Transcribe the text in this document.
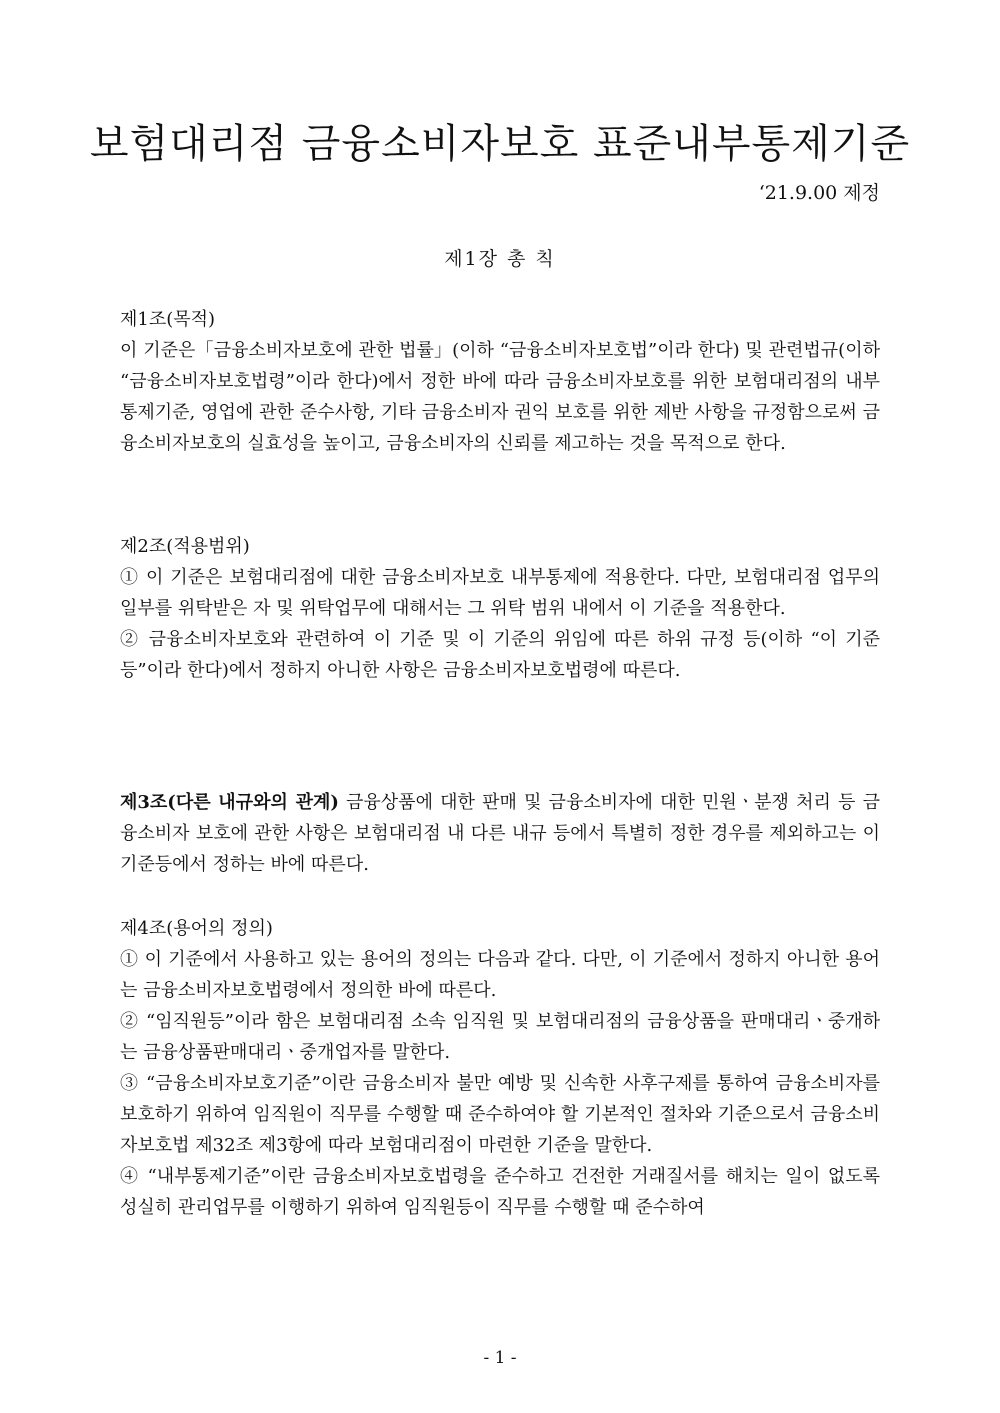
보험대리점 금융소비자보호 표준내부통제기준

‘21.9.00 제정

제1장 총 칙

제1조(목적)
이 기준은「금융소비자보호에 관한 법률」(이하 “금융소비자보호법”이라 한다) 및 관련법규(이하 “금융소비자보호법령”이라 한다)에서 정한 바에 따라 금융소비자보호를 위한 보험대리점의 내부통제기준, 영업에 관한 준수사항, 기타 금융소비자 권익 보호를 위한 제반 사항을 규정함으로써 금융소비자보호의 실효성을 높이고, 금융소비자의 신뢰를 제고하는 것을 목적으로 한다.
제2조(적용범위)
① 이 기준은 보험대리점에 대한 금융소비자보호 내부통제에 적용한다. 다만, 보험대리점 업무의 일부를 위탁받은 자 및 위탁업무에 대해서는 그 위탁 범위 내에서 이 기준을 적용한다.
② 금융소비자보호와 관련하여 이 기준 및 이 기준의 위임에 따른 하위 규정 등(이하 “이 기준등”이라 한다)에서 정하지 아니한 사항은 금융소비자보호법령에 따른다.
제3조(다른 내규와의 관계) 금융상품에 대한 판매 및 금융소비자에 대한 민원ㆍ분쟁 처리 등 금융소비자 보호에 관한 사항은 보험대리점 내 다른 내규 등에서 특별히 정한 경우를 제외하고는 이 기준등에서 정하는 바에 따른다.
제4조(용어의 정의)
① 이 기준에서 사용하고 있는 용어의 정의는 다음과 같다. 다만, 이 기준에서 정하지 아니한 용어는 금융소비자보호법령에서 정의한 바에 따른다.
② “임직원등”이라 함은 보험대리점 소속 임직원 및 보험대리점의 금융상품을 판매대리ㆍ중개하는 금융상품판매대리ㆍ중개업자를 말한다.
③ “금융소비자보호기준”이란 금융소비자 불만 예방 및 신속한 사후구제를 통하여 금융소비자를 보호하기 위하여 임직원이 직무를 수행할 때 준수하여야 할 기본적인 절차와 기준으로서 금융소비자보호법 제32조 제3항에 따라 보험대리점이 마련한 기준을 말한다.
④ “내부통제기준”이란 금융소비자보호법령을 준수하고 건전한 거래질서를 해치는 일이 없도록 성실히 관리업무를 이행하기 위하여 임직원등이 직무를 수행할 때 준수하여

- 1 -
